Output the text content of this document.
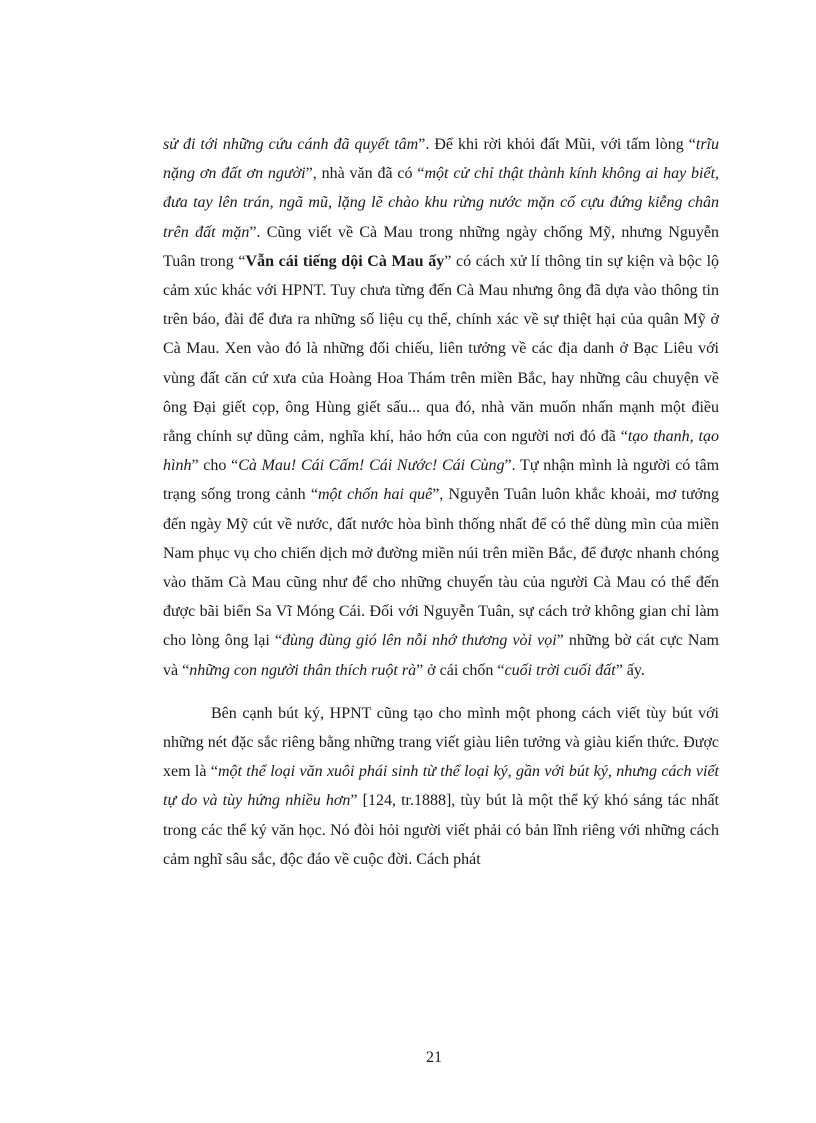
sử đi tới những cứu cánh đã quyết tâm”. Để khi rời khỏi đất Mũi, với tấm lòng “trĩu nặng ơn đất ơn người”, nhà văn đã có “một cử chỉ thật thành kính không ai hay biết, đưa tay lên trán, ngã mũ, lặng lẽ chào khu rừng nước mặn cố cựu đứng kiễng chân trên đất mặn”. Cũng viết về Cà Mau trong những ngày chống Mỹ, nhưng Nguyễn Tuân trong “Vẫn cái tiếng dội Cà Mau ấy” có cách xử lí thông tin sự kiện và bộc lộ cảm xúc khác với HPNT. Tuy chưa từng đến Cà Mau nhưng ông đã dựa vào thông tin trên báo, đài để đưa ra những số liệu cụ thể, chính xác về sự thiệt hại của quân Mỹ ở Cà Mau. Xen vào đó là những đối chiếu, liên tưởng về các địa danh ở Bạc Liêu với vùng đất căn cứ xưa của Hoàng Hoa Thám trên miền Bắc, hay những câu chuyện về ông Đại giết cọp, ông Hùng giết sấu... qua đó, nhà văn muốn nhấn mạnh một điều rằng chính sự dũng cảm, nghĩa khí, hảo hớn của con người nơi đó đã “tạo thanh, tạo hình” cho “Cà Mau! Cái Cấm! Cái Nước! Cái Cùng”. Tự nhận mình là người có tâm trạng sống trong cảnh “một chốn hai quê”, Nguyễn Tuân luôn khắc khoải, mơ tưởng đến ngày Mỹ cút về nước, đất nước hòa bình thống nhất để có thể dùng mìn của miền Nam phục vụ cho chiến dịch mở đường miền núi trên miền Bắc, để được nhanh chóng vào thăm Cà Mau cũng như để cho những chuyến tàu của người Cà Mau có thể đến được bãi biển Sa Vĩ Móng Cái. Đối với Nguyễn Tuân, sự cách trở không gian chỉ làm cho lòng ông lại “đùng đùng gió lên nỗi nhớ thương vòi vọi” những bờ cát cực Nam và “những con người thân thích ruột rà” ở cái chốn “cuối trời cuối đất” ấy.

Bên cạnh bút ký, HPNT cũng tạo cho mình một phong cách viết tùy bút với những nét đặc sắc riêng bằng những trang viết giàu liên tưởng và giàu kiến thức. Được xem là “một thể loại văn xuôi phái sinh từ thể loại ký, gần với bút ký, nhưng cách viết tự do và tùy hứng nhiều hơn” [124, tr.1888], tùy bút là một thể ký khó sáng tác nhất trong các thể ký văn học. Nó đòi hỏi người viết phải có bản lĩnh riêng với những cách cảm nghĩ sâu sắc, độc đáo về cuộc đời. Cách phát

21
